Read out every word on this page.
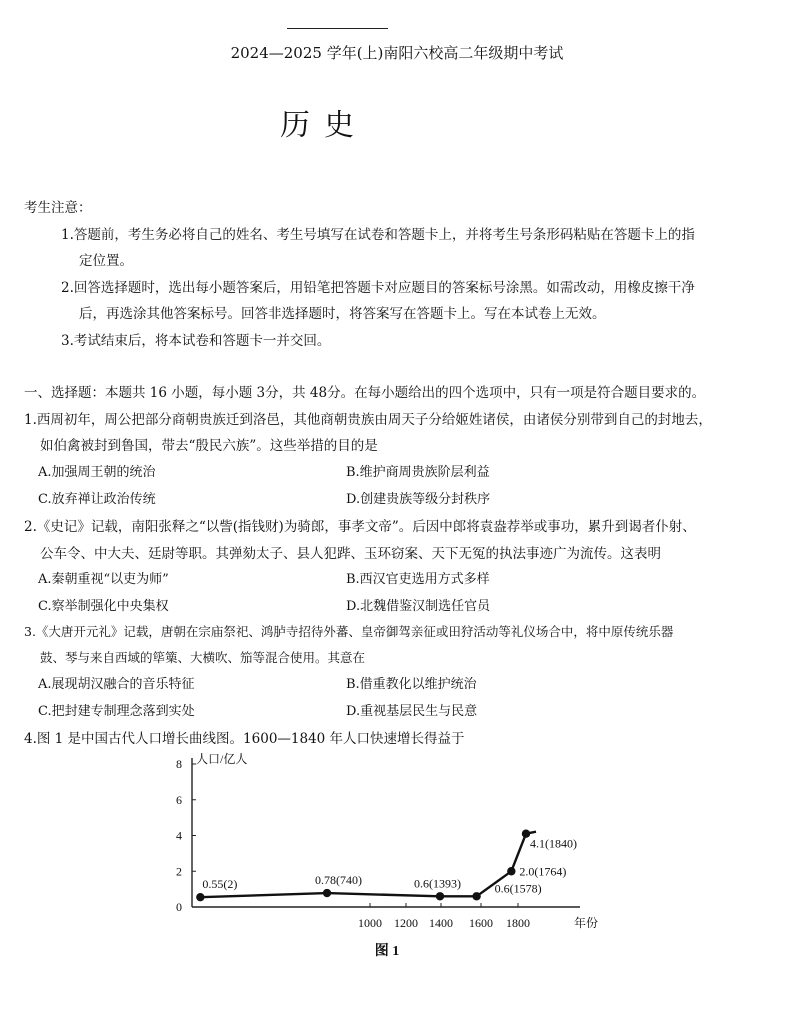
2024—2025 学年(上)南阳六校高二年级期中考试
历史
考生注意：
1.答题前，考生务必将自己的姓名、考生号填写在试卷和答题卡上，并将考生号条形码粘贴在答题卡上的指
定位置。
2.回答选择题时，选出每小题答案后，用铅笔把答题卡对应题目的答案标号涂黑。如需改动，用橡皮擦干净
后，再选涂其他答案标号。回答非选择题时，将答案写在答题卡上。写在本试卷上无效。
3.考试结束后，将本试卷和答题卡一并交回。
一、选择题：本题共 16 小题，每小题 3分，共 48分。在每小题给出的四个选项中，只有一项是符合题目要求的。
1.西周初年，周公把部分商朝贵族迁到洛邑，其他商朝贵族由周天子分给姬姓诸侯，由诸侯分别带到自己的封地去，
如伯禽被封到鲁国，带去“殷民六族”。这些举措的目的是
A.加强周王朝的统治	B.维护商周贵族阶层利益
C.放弃禅让政治传统	D.创建贵族等级分封秩序
2.《史记》记载，南阳张释之“以訾(指钱财)为骑郎，事孝文帝”。后因中郎将袁盎荐举或事功，累升到谒者仆射、
公车令、中大夫、廷尉等职。其弹劾太子、县人犯跸、玉环窃案、天下无冤的执法事迹广为流传。这表明
A.秦朝重视“以吏为师”	B.西汉官吏选用方式多样
C.察举制强化中央集权	D.北魏借鉴汉制选任官员
3.《大唐开元礼》记载，唐朝在宗庙祭祀、鸿胪寺招待外蕃、皇帝御驾亲征或田狩活动等礼仪场合中，将中原传统乐器
鼓、琴与来自西域的筚篥、大横吹、笳等混合使用。其意在
A.展现胡汉融合的音乐特征	B.借重教化以维护统治
C.把封建专制理念落到实处	D.重视基层民生与民意
4.图 1 是中国古代人口增长曲线图。1600—1840 年人口快速增长得益于
0
2
4
6
8
1000 1200 1400 1600 1800
人口/亿人
年份
图 1
0.55(2)	0.78(740)	0.6(1393)	0.6(1578)
2.0(1764)
4.1(1840)
